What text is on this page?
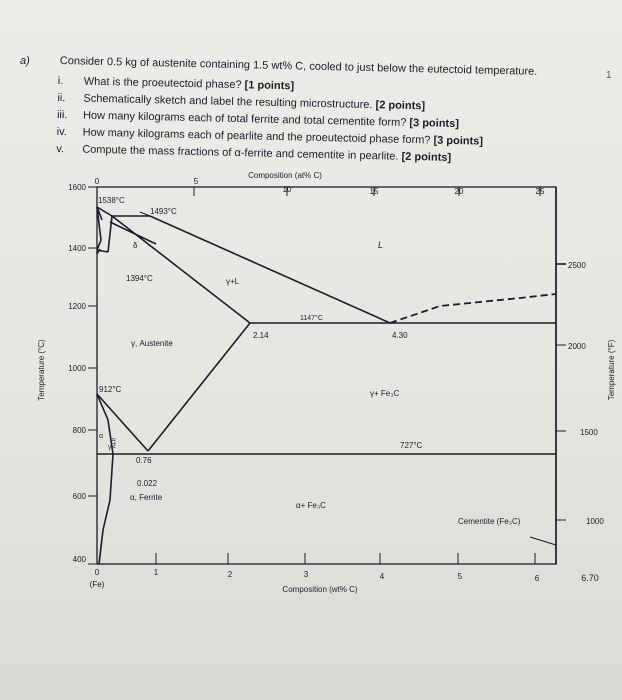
a)	Consider 0.5 kg of austenite containing 1.5 wt% C, cooled to just below the eutectoid temperature.
i. What is the proeutectoid phase? [1 points]
ii. Schematically sketch and label the resulting microstructure. [2 points]
iii. How many kilograms each of total ferrite and total cementite form? [3 points]
iv. How many kilograms each of pearlite and the proeutectoid phase form? [3 points]
v. Compute the mass fractions of α-ferrite and cementite in pearlite. [2 points]
1
Composition (at% C)
Composition (wt% C)
Temperature (°C)	Temperature (°F)
0	5
10	15	20	25
1600
1400
1200
1000
800
600
400
2500
2000
1500
1000
0	1	2	3	4	5	6	6.70
(Fe)
1538°C
1493°C
1394°C
1147°C
912°C
727°C
2.14	4.30
0.76
0.022
δ	L
γ+L
γ, Austenite
γ+ Fe₃C
α, Ferrite
α+ Fe₃C
Cementite (Fe₃C)
α
γ
α+γ
